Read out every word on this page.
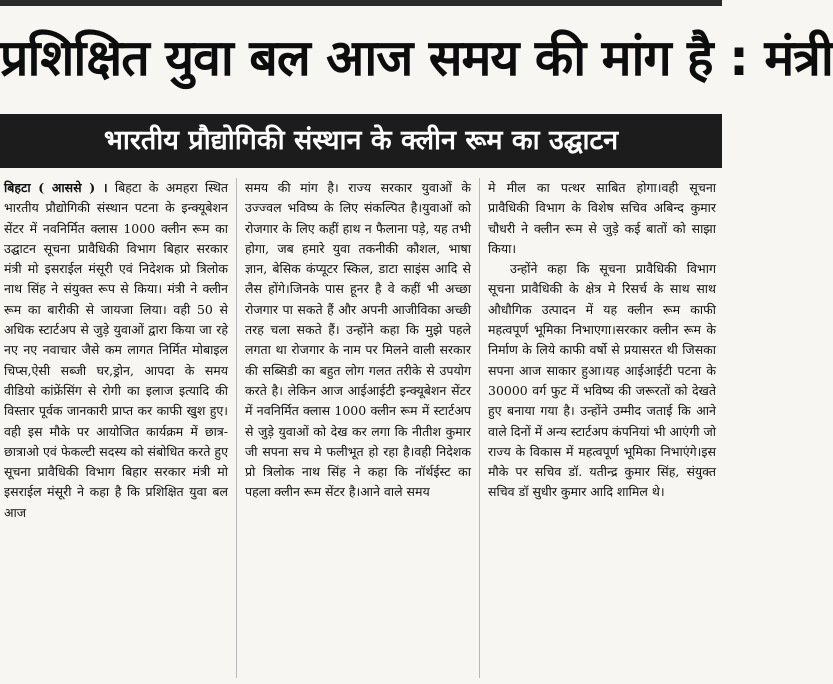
प्रशिक्षित युवा बल आज समय की मांग है : मंत्री
भारतीय प्रौद्योगिकी संस्थान के क्लीन रूम का उद्घाटन

बिहटा ( आससे ) । बिहटा के अमहरा स्थित भारतीय प्रौद्योगिकी संस्थान पटना के इन्क्यूबेशन सेंटर में नवनिर्मित क्लास 1000 क्लीन रूम का उद्घाटन सूचना प्रावैधिकी विभाग बिहार सरकार मंत्री मो इसराईल मंसूरी एवं निदेशक प्रो त्रिलोक नाथ सिंह ने संयुक्त रूप से किया। मंत्री ने क्लीन रूम का बारीकी से जायजा लिया। वही 50 से अधिक स्टार्टअप से जुड़े युवाओं द्वारा किया जा रहे नए नए नवाचार जैसे कम लागत निर्मित मोबाइल चिप्स,ऐसी सब्जी घर,ड्रोन, आपदा के समय वीडियो कांफ्रेंसिंग से रोगी का इलाज इत्यादि की विस्तार पूर्वक जानकारी प्राप्त कर काफी खुश हुए। वही इस मौके पर आयोजित कार्यक्रम में छात्र- छात्राओ एवं फेकल्टी सदस्य को संबोधित करते हुए सूचना प्रावैधिकी विभाग बिहार सरकार मंत्री मो इसराईल मंसूरी ने कहा है कि प्रशिक्षित युवा बल आज

समय की मांग है। राज्य सरकार युवाओं के उज्ज्वल भविष्य के लिए संकल्पित है।युवाओं को रोजगार के लिए कहीं हाथ न फैलाना पड़े, यह तभी होगा, जब हमारे युवा तकनीकी कौशल, भाषा ज्ञान, बेसिक कंप्यूटर स्किल, डाटा साइंस आदि से लैस होंगे।जिनके पास हूनर है वे कहीं भी अच्छा रोजगार पा सकते हैं और अपनी आजीविका अच्छी तरह चला सकते हैं। उन्होंने कहा कि मुझे पहले लगता था रोजगार के नाम पर मिलने वाली सरकार की सब्सिडी का बहुत लोग गलत तरीके से उपयोग करते है। लेकिन आज आईआईटी इन्क्यूबेशन सेंटर में नवनिर्मित क्लास 1000 क्लीन रूम में स्टार्टअप से जुड़े युवाओं को देख कर लगा कि नीतीश कुमार जी सपना सच मे फलीभूत हो रहा है।वही निदेशक प्रो त्रिलोक नाथ सिंह ने कहा कि नॉर्थईस्ट का पहला क्लीन रूम सेंटर है।आने वाले समय

मे मील का पत्थर साबित होगा।वही सूचना प्रावैधिकी विभाग के विशेष सचिव अबिन्द कुमार चौधरी ने क्लीन रूम से जुड़े कई बातों को साझा किया।

उन्होंने कहा कि सूचना प्रावैधिकी विभाग सूचना प्रावैधिकी के क्षेत्र मे रिसर्च के साथ साथ औधौगिक उत्पादन में यह क्लीन रूम काफी महत्वपूर्ण भूमिका निभाएगा।सरकार क्लीन रूम के निर्माण के लिये काफी वर्षो से प्रयासरत थी जिसका सपना आज साकार हुआ।यह आईआईटी पटना के 30000 वर्ग फुट में भविष्य की जरूरतों को देखते हुए बनाया गया है। उन्होंने उम्मीद जताई कि आने वाले दिनों में अन्य स्टार्टअप कंपनियां भी आएंगी जो राज्य के विकास में महत्वपूर्ण भूमिका निभाएंगे।इस मौके पर सचिव डॉ. यतीन्द्र कुमार सिंह, संयुक्त सचिव डॉ सुधीर कुमार आदि शामिल थे।
